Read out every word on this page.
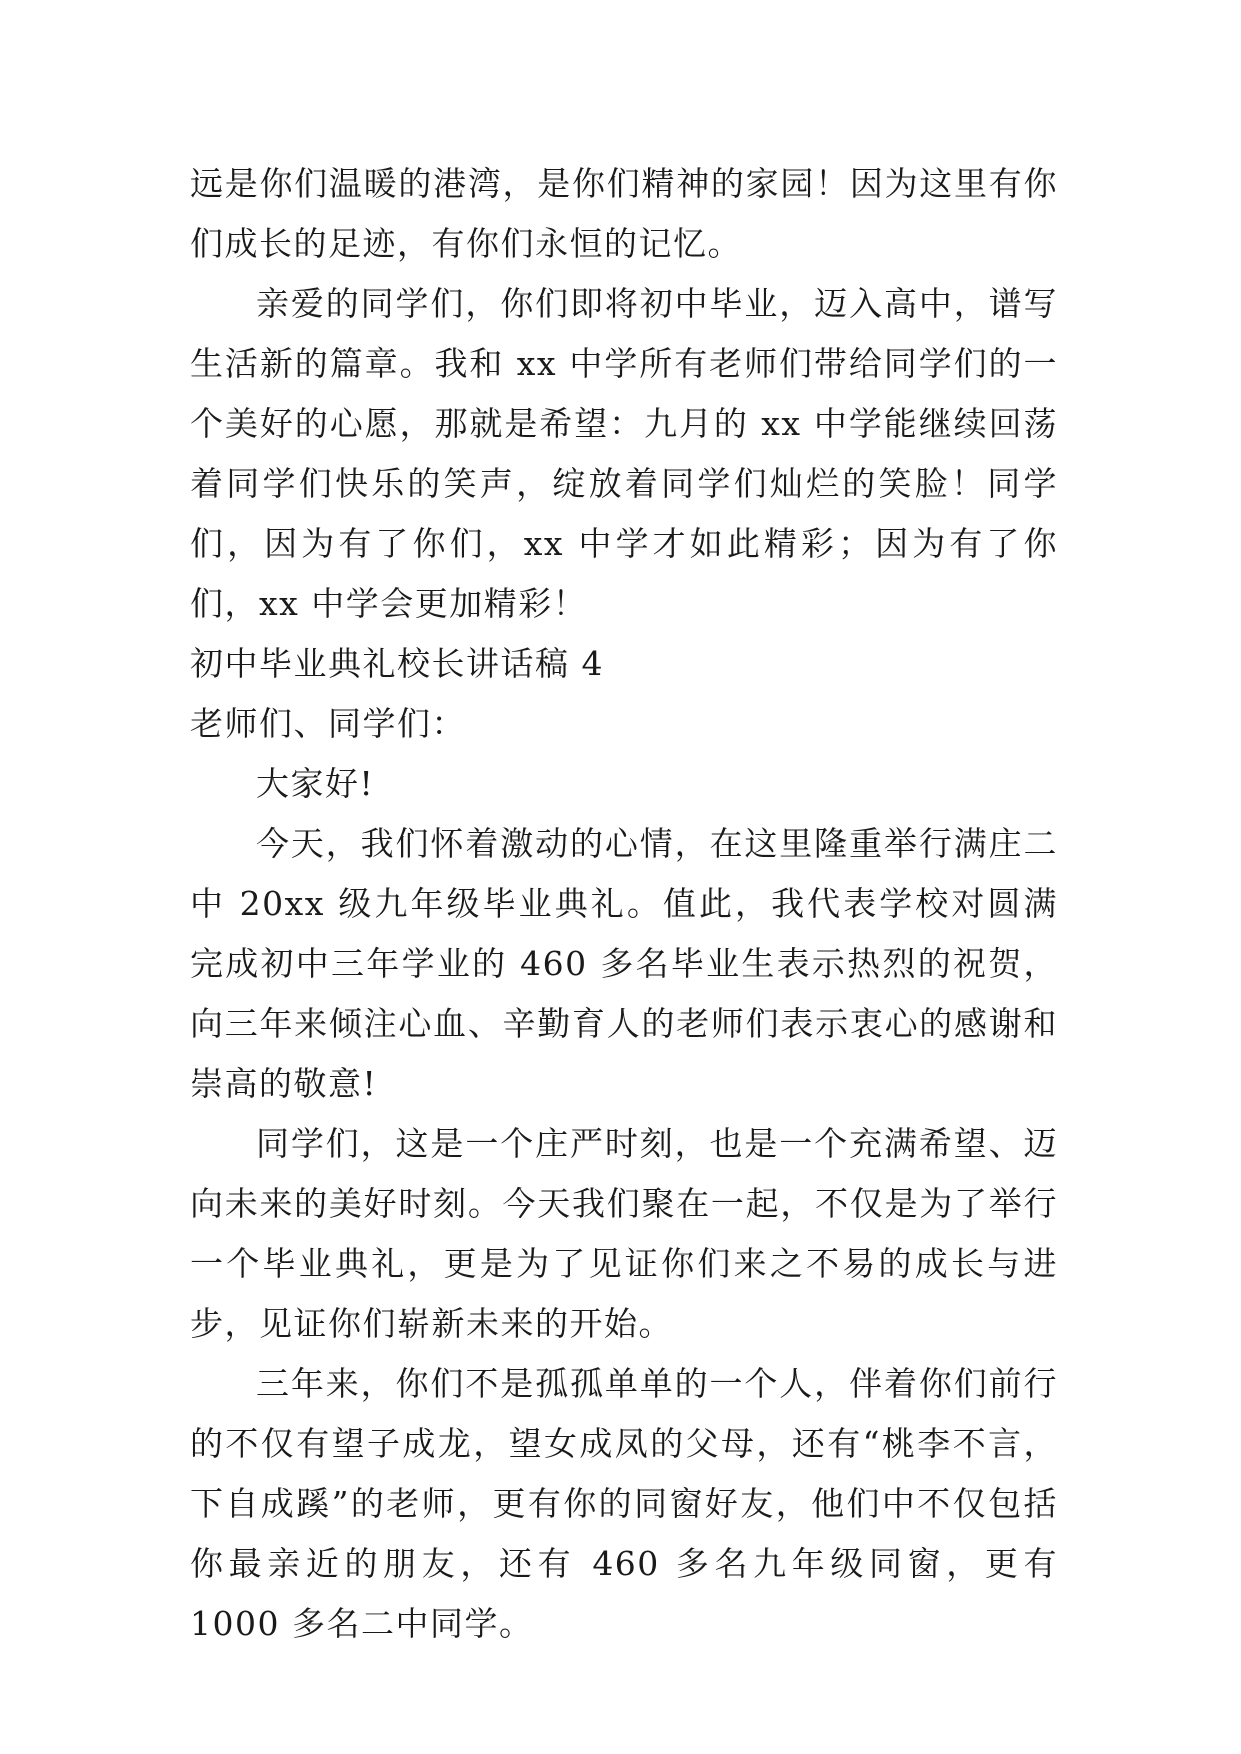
远是你们温暖的港湾，是你们精神的家园！因为这里有你们成长的足迹，有你们永恒的记忆。

亲爱的同学们，你们即将初中毕业，迈入高中，谱写生活新的篇章。我和 xx 中学所有老师们带给同学们的一个美好的心愿，那就是希望：九月的 xx 中学能继续回荡着同学们快乐的笑声，绽放着同学们灿烂的笑脸！同学们，因为有了你们，xx 中学才如此精彩；因为有了你们，xx 中学会更加精彩！

初中毕业典礼校长讲话稿 4

老师们、同学们：

大家好!

今天，我们怀着激动的心情，在这里隆重举行满庄二中 20xx 级九年级毕业典礼。值此，我代表学校对圆满完成初中三年学业的 460 多名毕业生表示热烈的祝贺，向三年来倾注心血、辛勤育人的老师们表示衷心的感谢和崇高的敬意!

同学们，这是一个庄严时刻，也是一个充满希望、迈向未来的美好时刻。今天我们聚在一起，不仅是为了举行一个毕业典礼，更是为了见证你们来之不易的成长与进步，见证你们崭新未来的开始。

三年来，你们不是孤孤单单的一个人，伴着你们前行的不仅有望子成龙，望女成凤的父母，还有“桃李不言，下自成蹊”的老师，更有你的同窗好友，他们中不仅包括你最亲近的朋友，还有 460 多名九年级同窗，更有 1000 多名二中同学。
